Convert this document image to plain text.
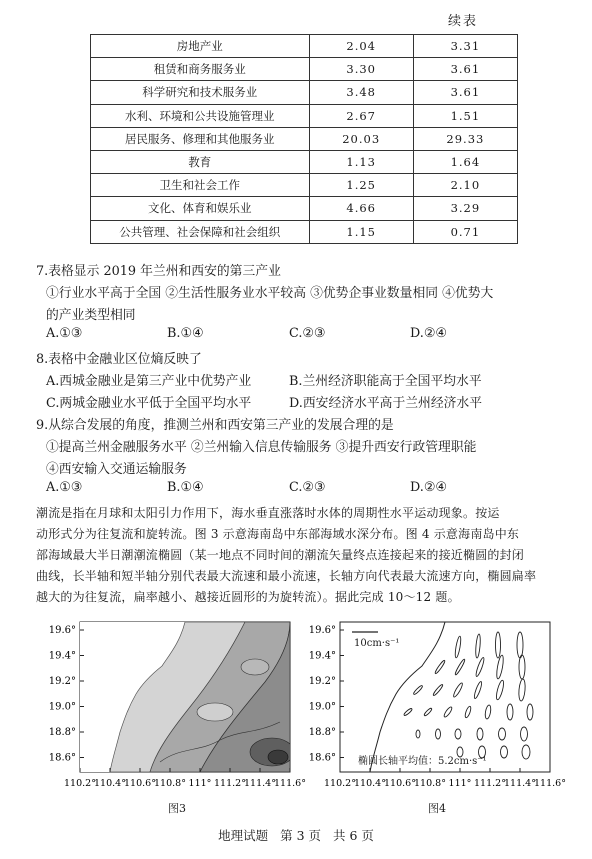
续表
房地产业	2.04	3.31
租赁和商务服务业	3.30	3.61
科学研究和技术服务业	3.48	3.61
水利、环境和公共设施管理业	2.67	1.51
居民服务、修理和其他服务业	20.03	29.33
教育	1.13	1.64
卫生和社会工作	1.25	2.10
文化、体育和娱乐业	4.66	3.29
公共管理、社会保障和社会组织	1.15	0.71
7.表格显示 2019 年兰州和西安的第三产业
①行业水平高于全国 ②生活性服务业水平较高 ③优势企事业数量相同 ④优势大
的产业类型相同
A.①③	B.①④	C.②③	D.②④
8.表格中金融业区位熵反映了
A.西城金融业是第三产业中优势产业	B.兰州经济职能高于全国平均水平
C.两城金融业水平低于全国平均水平	D.西安经济水平高于兰州经济水平
9.从综合发展的角度，推测兰州和西安第三产业的发展合理的是
①提高兰州金融服务水平 ②兰州输入信息传输服务 ③提升西安行政管理职能
④西安输入交通运输服务
A.①③	B.①④	C.②③	D.②④
潮流是指在月球和太阳引力作用下，海水垂直涨落时水体的周期性水平运动现象。按运
动形式分为往复流和旋转流。图 3 示意海南岛中东部海域水深分布。图 4 示意海南岛中东
部海域最大半日潮潮流椭圆（某一地点不同时间的潮流矢量终点连接起来的接近椭圆的封闭
曲线，长半轴和短半轴分别代表最大流速和最小流速，长轴方向代表最大流速方向，椭圆扁率
越大的为往复流，扁率越小、越接近圆形的为旋转流）。据此完成 10～12 题。
19.6°
19.4°
19.2°
19.0°
18.8°
18.6°
110.2°
110.4°
110.6°
110.8° 111° 111.2°
111.4°
111.6°
图3
10cm·s⁻¹
椭圆长轴平均值：5.2cm·s⁻¹
19.6°
19.4°
19.2°
19.0°
18.8°
18.6°
110.2°
110.4°
110.6°
110.8° 111° 111.2°
111.4°
111.6°
图4
地理试题 第 3 页 共 6 页
